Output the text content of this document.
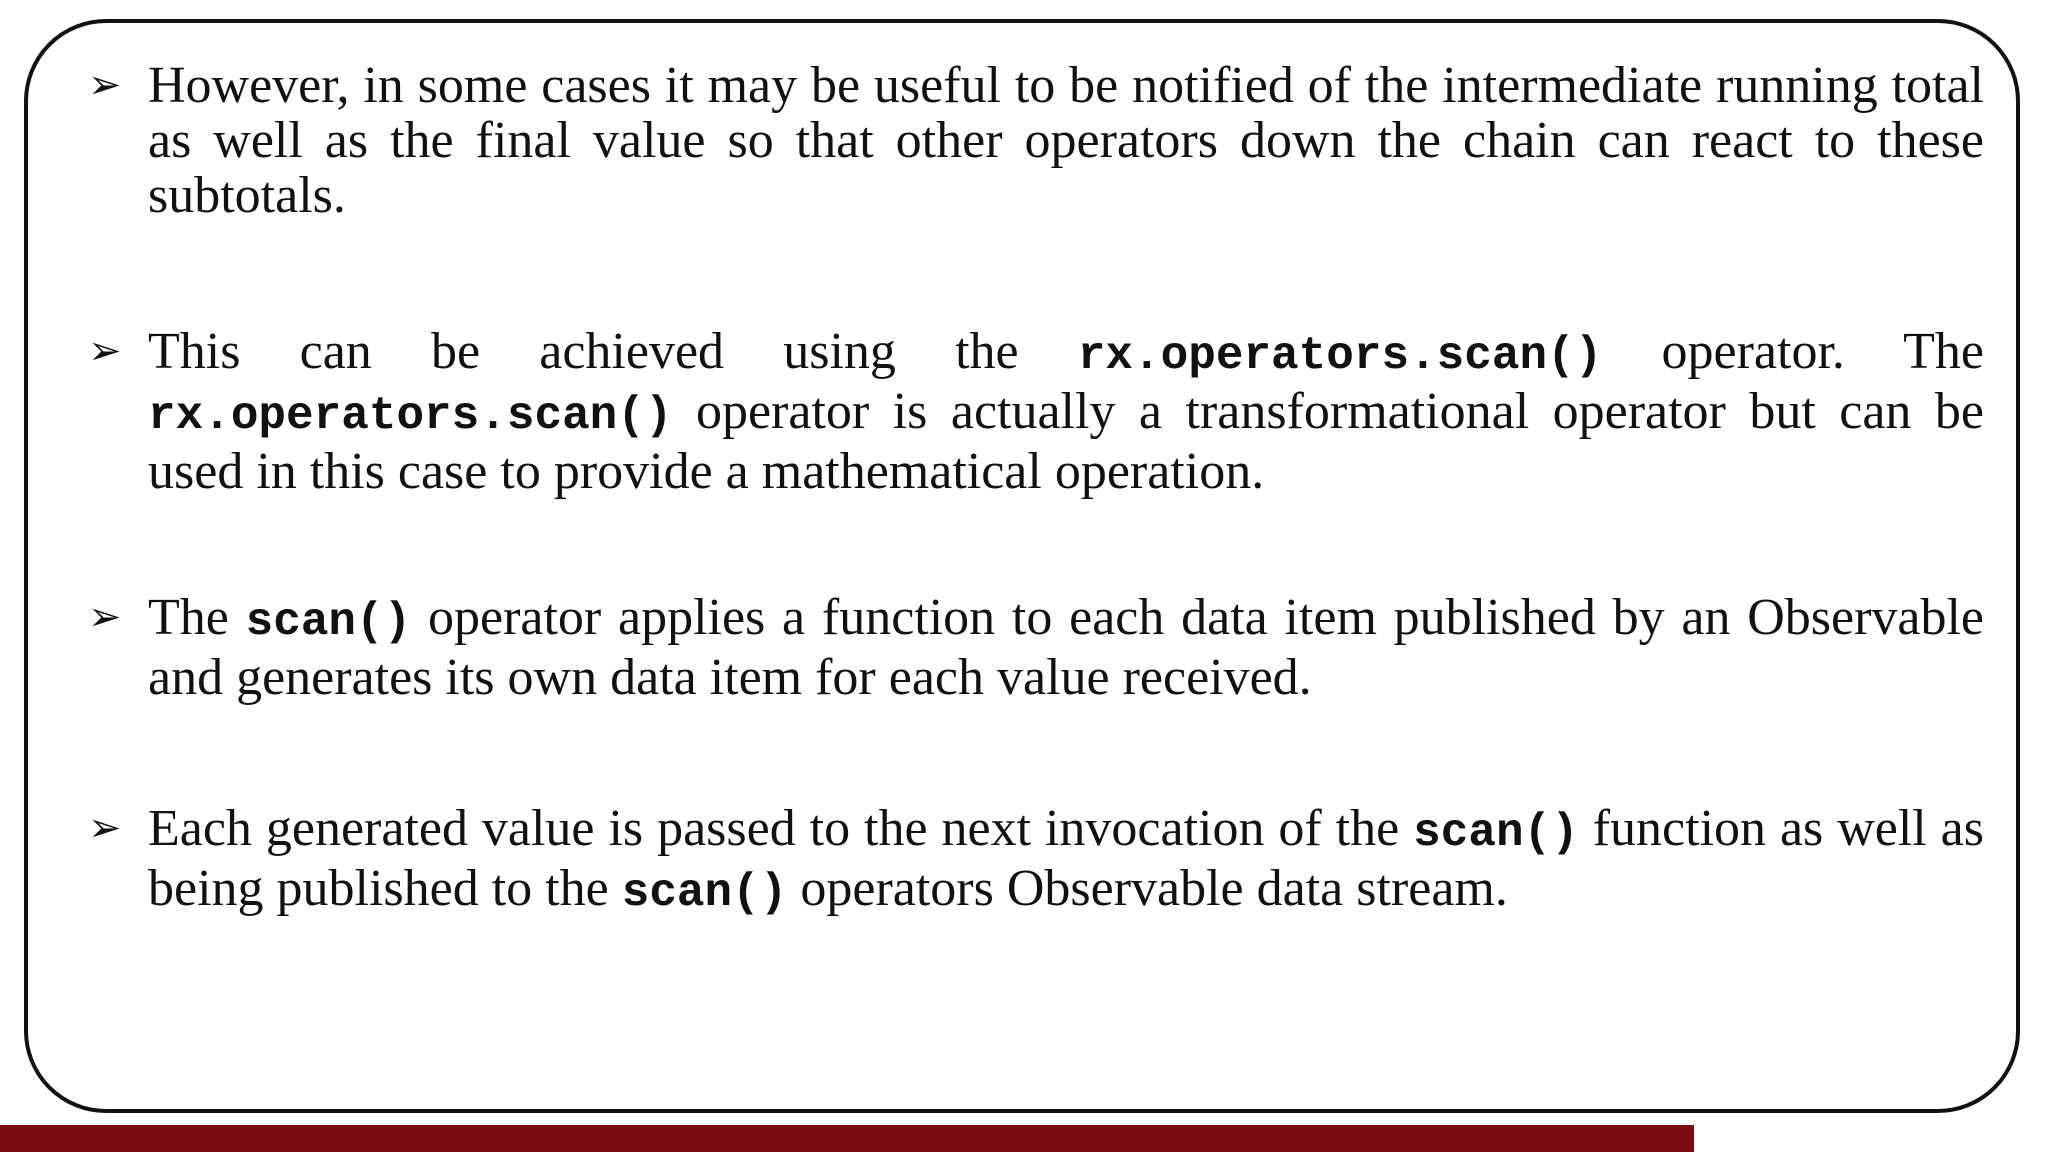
➢ However, in some cases it may be useful to be notified of the intermediate running total as well as the final value so that other operators down the chain can react to these subtotals.
➢ This can be achieved using the rx.operators.scan() operator. The rx.operators.scan() operator is actually a transformational operator but can be used in this case to provide a mathematical operation.
➢ The scan() operator applies a function to each data item published by an Observable and generates its own data item for each value received.
➢ Each generated value is passed to the next invocation of the scan() function as well as being published to the scan() operators Observable data stream.
